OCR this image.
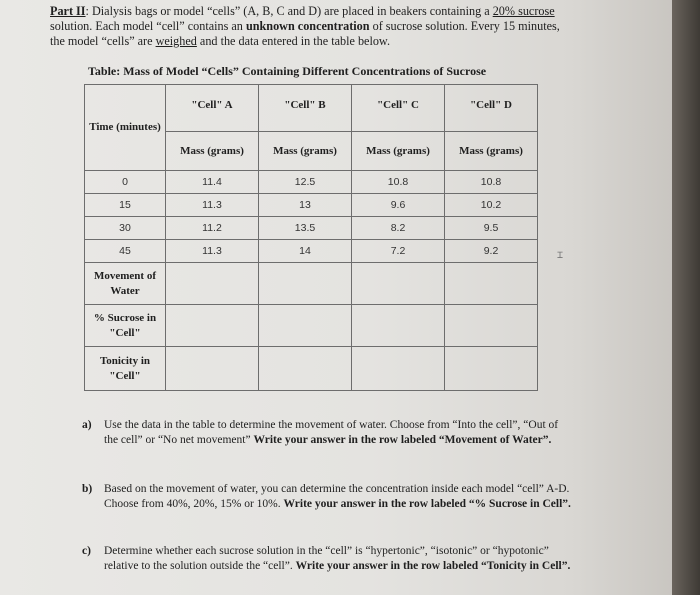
Part II: Dialysis bags or model “cells” (A, B, C and D) are placed in beakers containing a 20% sucrose
solution. Each model “cell” contains an unknown concentration of sucrose solution. Every 15 minutes,
the model “cells” are weighed and the data entered in the table below.
Table: Mass of Model “Cells” Containing Different Concentrations of Sucrose
Time (minutes)	"Cell" A	"Cell" B	"Cell" C	"Cell" D

	Mass (grams)	Mass (grams)	Mass (grams)	Mass (grams)
0	11.4	12.5	10.8	10.8
15	11.3	13	9.6	10.2
30	11.2	13.5	8.2	9.5
45	11.3	14	7.2	9.2
Movement of Water				
% Sucrose in "Cell"				
Tonicity in "Cell"				
⌶
a) Use the data in the table to determine the movement of water. Choose from “Into the cell”, “Out of the cell” or “No net movement” Write your answer in the row labeled “Movement of Water”.
b) Based on the movement of water, you can determine the concentration inside each model “cell” A-D. Choose from 40%, 20%, 15% or 10%. Write your answer in the row labeled “% Sucrose in Cell”.
c) Determine whether each sucrose solution in the “cell” is “hypertonic”, “isotonic” or “hypotonic” relative to the solution outside the “cell”. Write your answer in the row labeled “Tonicity in Cell”.
